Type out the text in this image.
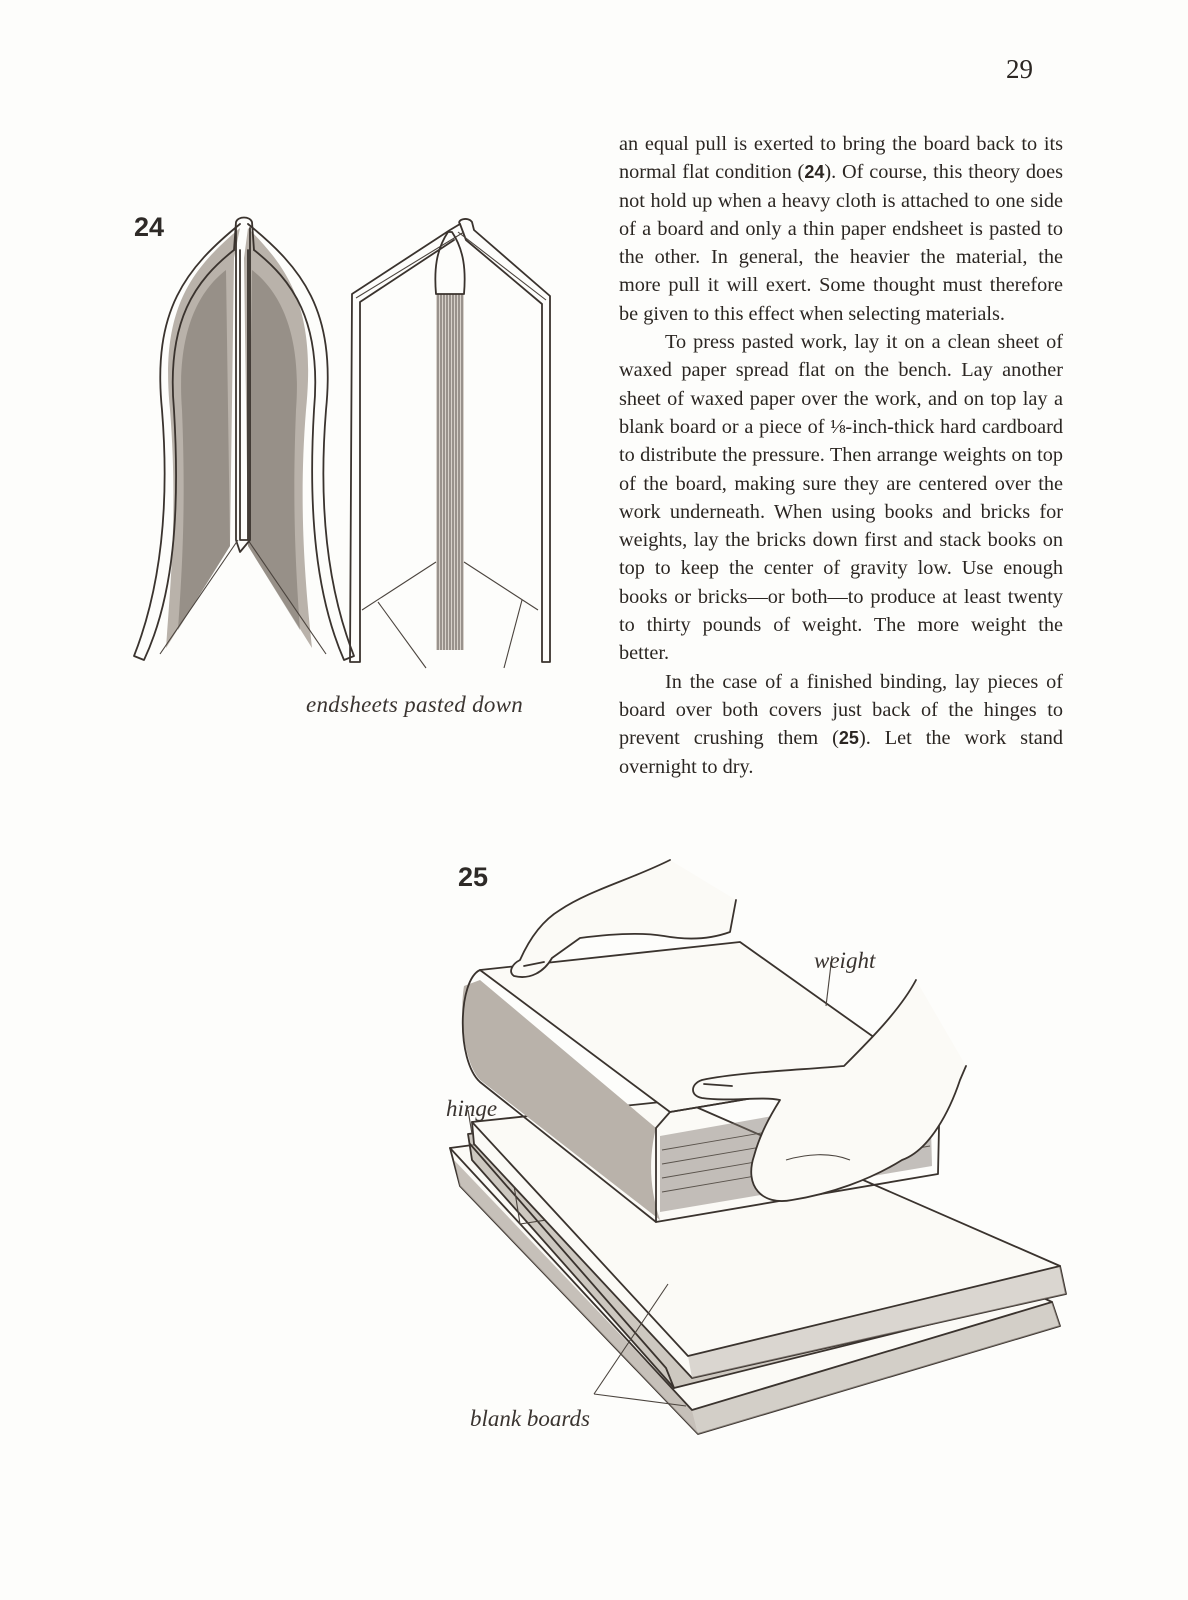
29
24
endsheets pasted down

an equal pull is exerted to bring the board back to its normal flat condition (24). Of course, this theory does not hold up when a heavy cloth is attached to one side of a board and only a thin paper endsheet is pasted to the other. In general, the heavier the material, the more pull it will exert. Some thought must therefore be given to this effect when selecting materials.

To press pasted work, lay it on a clean sheet of waxed paper spread flat on the bench. Lay another sheet of waxed paper over the work, and on top lay a blank board or a piece of ⅛-inch-thick hard cardboard to distribute the pressure. Then arrange weights on top of the board, making sure they are centered over the work underneath. When using books and bricks for weights, lay the bricks down first and stack books on top to keep the center of gravity low. Use enough books or bricks—or both—to produce at least twenty to thirty pounds of weight. The more weight the better.

In the case of a finished binding, lay pieces of board over both covers just back of the hinges to prevent crushing them (25). Let the work stand overnight to dry.

25
weight
hinge
blank boards
